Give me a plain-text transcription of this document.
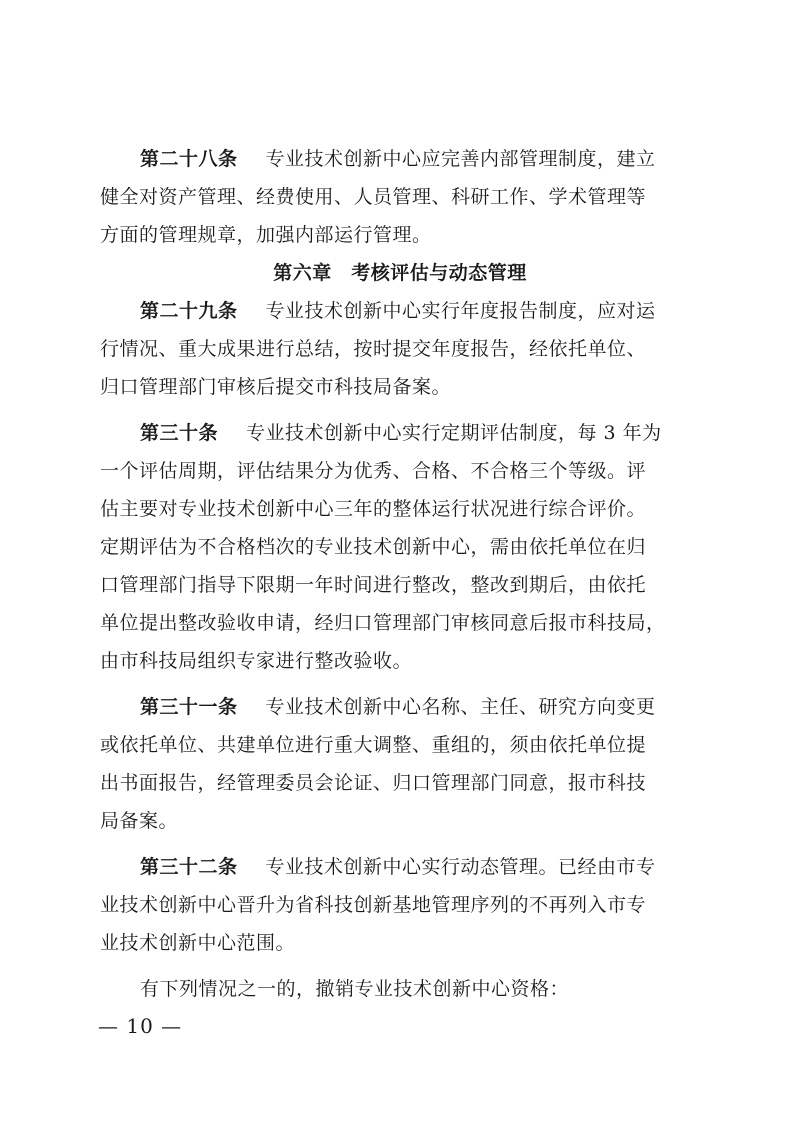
第二十八条 专业技术创新中心应完善内部管理制度，建立
健全对资产管理、经费使用、人员管理、科研工作、学术管理等
方面的管理规章，加强内部运行管理。
第六章　考核评估与动态管理
第二十九条 专业技术创新中心实行年度报告制度，应对运
行情况、重大成果进行总结，按时提交年度报告，经依托单位、
归口管理部门审核后提交市科技局备案。
第三十条 专业技术创新中心实行定期评估制度，每 3 年为
一个评估周期，评估结果分为优秀、合格、不合格三个等级。评
估主要对专业技术创新中心三年的整体运行状况进行综合评价。
定期评估为不合格档次的专业技术创新中心，需由依托单位在归
口管理部门指导下限期一年时间进行整改，整改到期后，由依托
单位提出整改验收申请，经归口管理部门审核同意后报市科技局，
由市科技局组织专家进行整改验收。
第三十一条 专业技术创新中心名称、主任、研究方向变更
或依托单位、共建单位进行重大调整、重组的，须由依托单位提
出书面报告，经管理委员会论证、归口管理部门同意，报市科技
局备案。
第三十二条 专业技术创新中心实行动态管理。已经由市专
业技术创新中心晋升为省科技创新基地管理序列的不再列入市专
业技术创新中心范围。
有下列情况之一的，撤销专业技术创新中心资格：
— 10 —
